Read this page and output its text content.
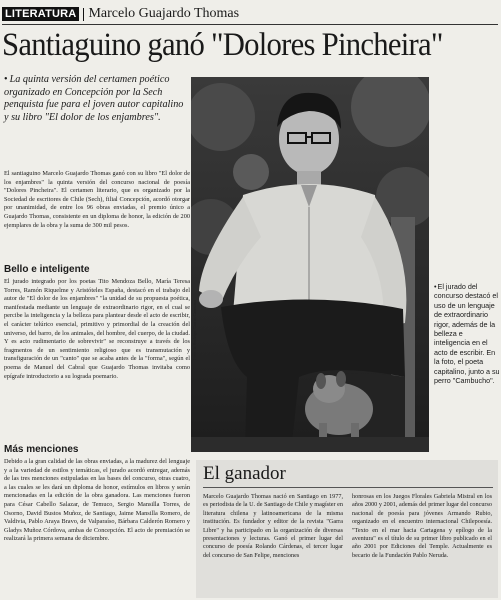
LITERATURA Marcelo Guajardo Thomas
Santiaguino ganó "Dolores Pincheira"

• La quinta versión del certamen poético organizado en Concepción por la Sech penquista fue para el joven autor capitalino y su libro "El dolor de los enjambres".

El santiaguino Marcelo Guajardo Thomas ganó con su libro "El dolor de los enjambres" la quinta versión del concurso nacional de poesía "Dolores Pincheira". El certamen literario, que es organizado por la Sociedad de escritores de Chile (Sech), filial Concepción, acordó otorgar por unanimidad, de entre los 96 obras enviadas, el premio único a Guajardo Thomas, consistente en un diploma de honor, la edición de 200 ejemplares de la obra y la suma de 300 mil pesos.

Bello e inteligente

El jurado integrado por los poetas Tito Mendoza Bello, María Teresa Torres, Ramón Riquelme y Aristóteles España, destacó en el trabajo del autor de "El dolor de los enjambres" "la unidad de su propuesta poética, manifestada mediante un lenguaje de extraordinario rigor, en el cual se percibe la inteligencia y la belleza para plantear desde el acto de escribir, el carácter telúrico esencial, primitivo y primordial de la creación del universo, del barro, de los animales, del hombre, del cuerpo, de la ciudad. Y es acto rudimentario de sobrevivir" se reconstruye a través de los fragmentos de un sentimiento religioso que es transmutación y transfiguración de un "canto" que se acaba antes de la "forma", según el poema de Manuel del Cabral que Guajardo Thomas invitaba como epígrafe introductorio a su lograda poemario.

Más menciones

Debido a la gran calidad de las obras enviadas, a la madurez del lenguaje y a la variedad de estilos y temáticas, el jurado acordó entregar, además de las tres menciones estipuladas en las bases del concurso, otras cuatro, a las cuales se les dará un diploma de honor, estímulos en libros y serán mencionadas en la edición de la obra ganadora. Las menciones fueron para César Cabello Salazar, de Temuco, Sergio Mansilla Torres, de Osorno, David Bustos Muñoz, de Santiago, Jaime Mansilla Romero, de Valdivia, Pablo Araya Bravo, de Valparaíso, Bárbara Calderón Romero y Gladys Muñoz Córdova, ambas de Concepción. El acto de premiación se realizará la primera semana de diciembre.

Foto de Rodrigo Castro Carmona

•El jurado del concurso destacó el uso de un lenguaje de extraordinario rigor, además de la belleza e inteligencia en el acto de escribir. En la foto, el poeta capitalino, junto a su perro "Cambucho".

El ganador

Marcelo Guajardo Thomas nació en Santiago en 1977, es periodista de la U. de Santiago de Chile y magíster en literatura chilena y latinoamericana de la misma institución. Es fundador y editor de la revista "Garra Libre" y ha participado en la organización de diversas presentaciones y lecturas. Ganó el primer lugar del concurso de poesía Rolando Cárdenas, el tercer lugar del concurso de San Felipe, menciones

honrosas en los Juegos Florales Gabriela Mistral en los años 2000 y 2001, además del primer lugar del concurso nacional de poesía para jóvenes Armando Rubio, organizado en el encuentro internacional Chilepoesía. "Texto en el mar hacia Cartagena y epílogo de la aventura" es el título de su primer libro publicado en el año 2001 por Ediciones del Temple. Actualmente es becario de la Fundación Pablo Neruda.
